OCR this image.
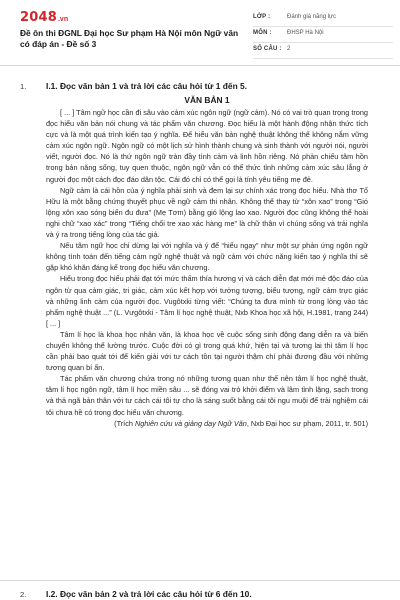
2048 .vn
Đề ôn thi ĐGNL Đại học Sư phạm Hà Nội môn Ngữ văn có đáp án - Đề số 3
LỚP :	Đánh giá năng lực
MÔN :	ĐHSP Hà Nội
SỐ CÂU : 2
1. I.1. Đọc văn bản 1 và trả lời các câu hỏi từ 1 đến 5.
VĂN BẢN 1

[ ... ] Tâm ngữ học cần đi sâu vào cảm xúc ngôn ngữ (ngữ cảm). Nó có vai trò quan trọng trong đọc hiểu văn bản nói chung và tác phẩm văn chương. Đọc hiểu là một hành động nhận thức tích cực và là một quá trình kiến tạo ý nghĩa. Để hiểu văn bản nghệ thuật không thể không nắm vững cảm xúc ngôn ngữ. Ngôn ngữ có một lịch sử hình thành chung và sinh thành với người nói, người viết, người đọc. Nó là thứ ngôn ngữ tràn đầy tình cảm và linh hồn riêng. Nó phản chiếu tâm hồn trong bản năng sống, tuy quen thuộc, ngôn ngữ vẫn có thể thức tỉnh những cảm xúc sâu lắng ở người đọc một cách đọc đáo dân tộc. Cái đó chỉ có thể gọi là tính yêu tiếng mẹ đẻ.

Ngữ cảm là cái hồn của ý nghĩa phải sinh và đem lại sự chính xác trong đọc hiểu. Nhà thơ Tố Hữu là một bằng chứng thuyết phục về ngữ cảm thi nhân. Không thể thay từ “xôn xao” trong “Gió lộng xôn xao sóng biển đu đưa” (Mẹ Tơm) bằng gió lộng lao xao. Người đọc cũng không thể hoài nghi chữ “xao xác” trong “Tiếng chổi tre xao xác hàng me” là chữ thân vì chúng sống và trải nghĩa và ý ra trong tiếng lòng của tác giả.

Nếu tâm ngữ học chỉ dừng lại với nghĩa và ý để “hiểu ngay” như một sự phản ứng ngôn ngữ không tính toán đến tiếng cảm ngữ nghệ thuật và ngữ cảm với chức năng kiến tạo ý nghĩa thì sẽ gặp khó khăn đáng kể trong đọc hiểu văn chương.

Hiểu trong đọc hiểu phải đạt tới mức thấm thía hương vị và cách diễn đạt mới mẻ độc đáo của ngôn từ qua cảm giác, tri giác, cảm xúc kết hợp với tưởng tượng, biểu tượng, ngữ cảm trực giác và những linh cảm của người đọc. Vugôtxki từng viết: “Chúng ta đưa mình từ trong lòng vào tác phẩm nghệ thuật ...” (L. Vưgôtxki - Tâm lí học nghệ thuật, Nxb Khoa học xã hội, H.1981, trang 244) [ ... ]

Tâm lí học là khoa học nhân văn, là khoa học về cuộc sống sinh động đang diễn ra và biến chuyển không thể lường trước. Cuộc đời có gì trong quá khứ, hiện tại và tương lai thì tâm lí học cần phải bao quát tới để kiến giải với tư cách tồn tại người thậm chí phải đương đầu với những tương quan bí ẩn.

Tác phẩm văn chương chứa trong nó những tương quan như thế nên tâm lí học nghệ thuật, tâm lí học ngôn ngữ, tâm lí học miền sâu ... sẽ đóng vai trò khởi điểm và lâm tỉnh lặng, sạch trong và thả ngã bản thân với tư cách cái tôi tự cho là sáng suốt bằng cái tôi ngu muội để trải nghiệm cái tôi chưa hề có trong đọc hiểu văn chương.

(Trích Nghiên cứu và giảng dạy Ngữ Văn, Nxb Đại học sư phạm, 2011, tr. 501)

2. I.2. Đọc văn bản 2 và trả lời các câu hỏi từ 6 đến 10.
